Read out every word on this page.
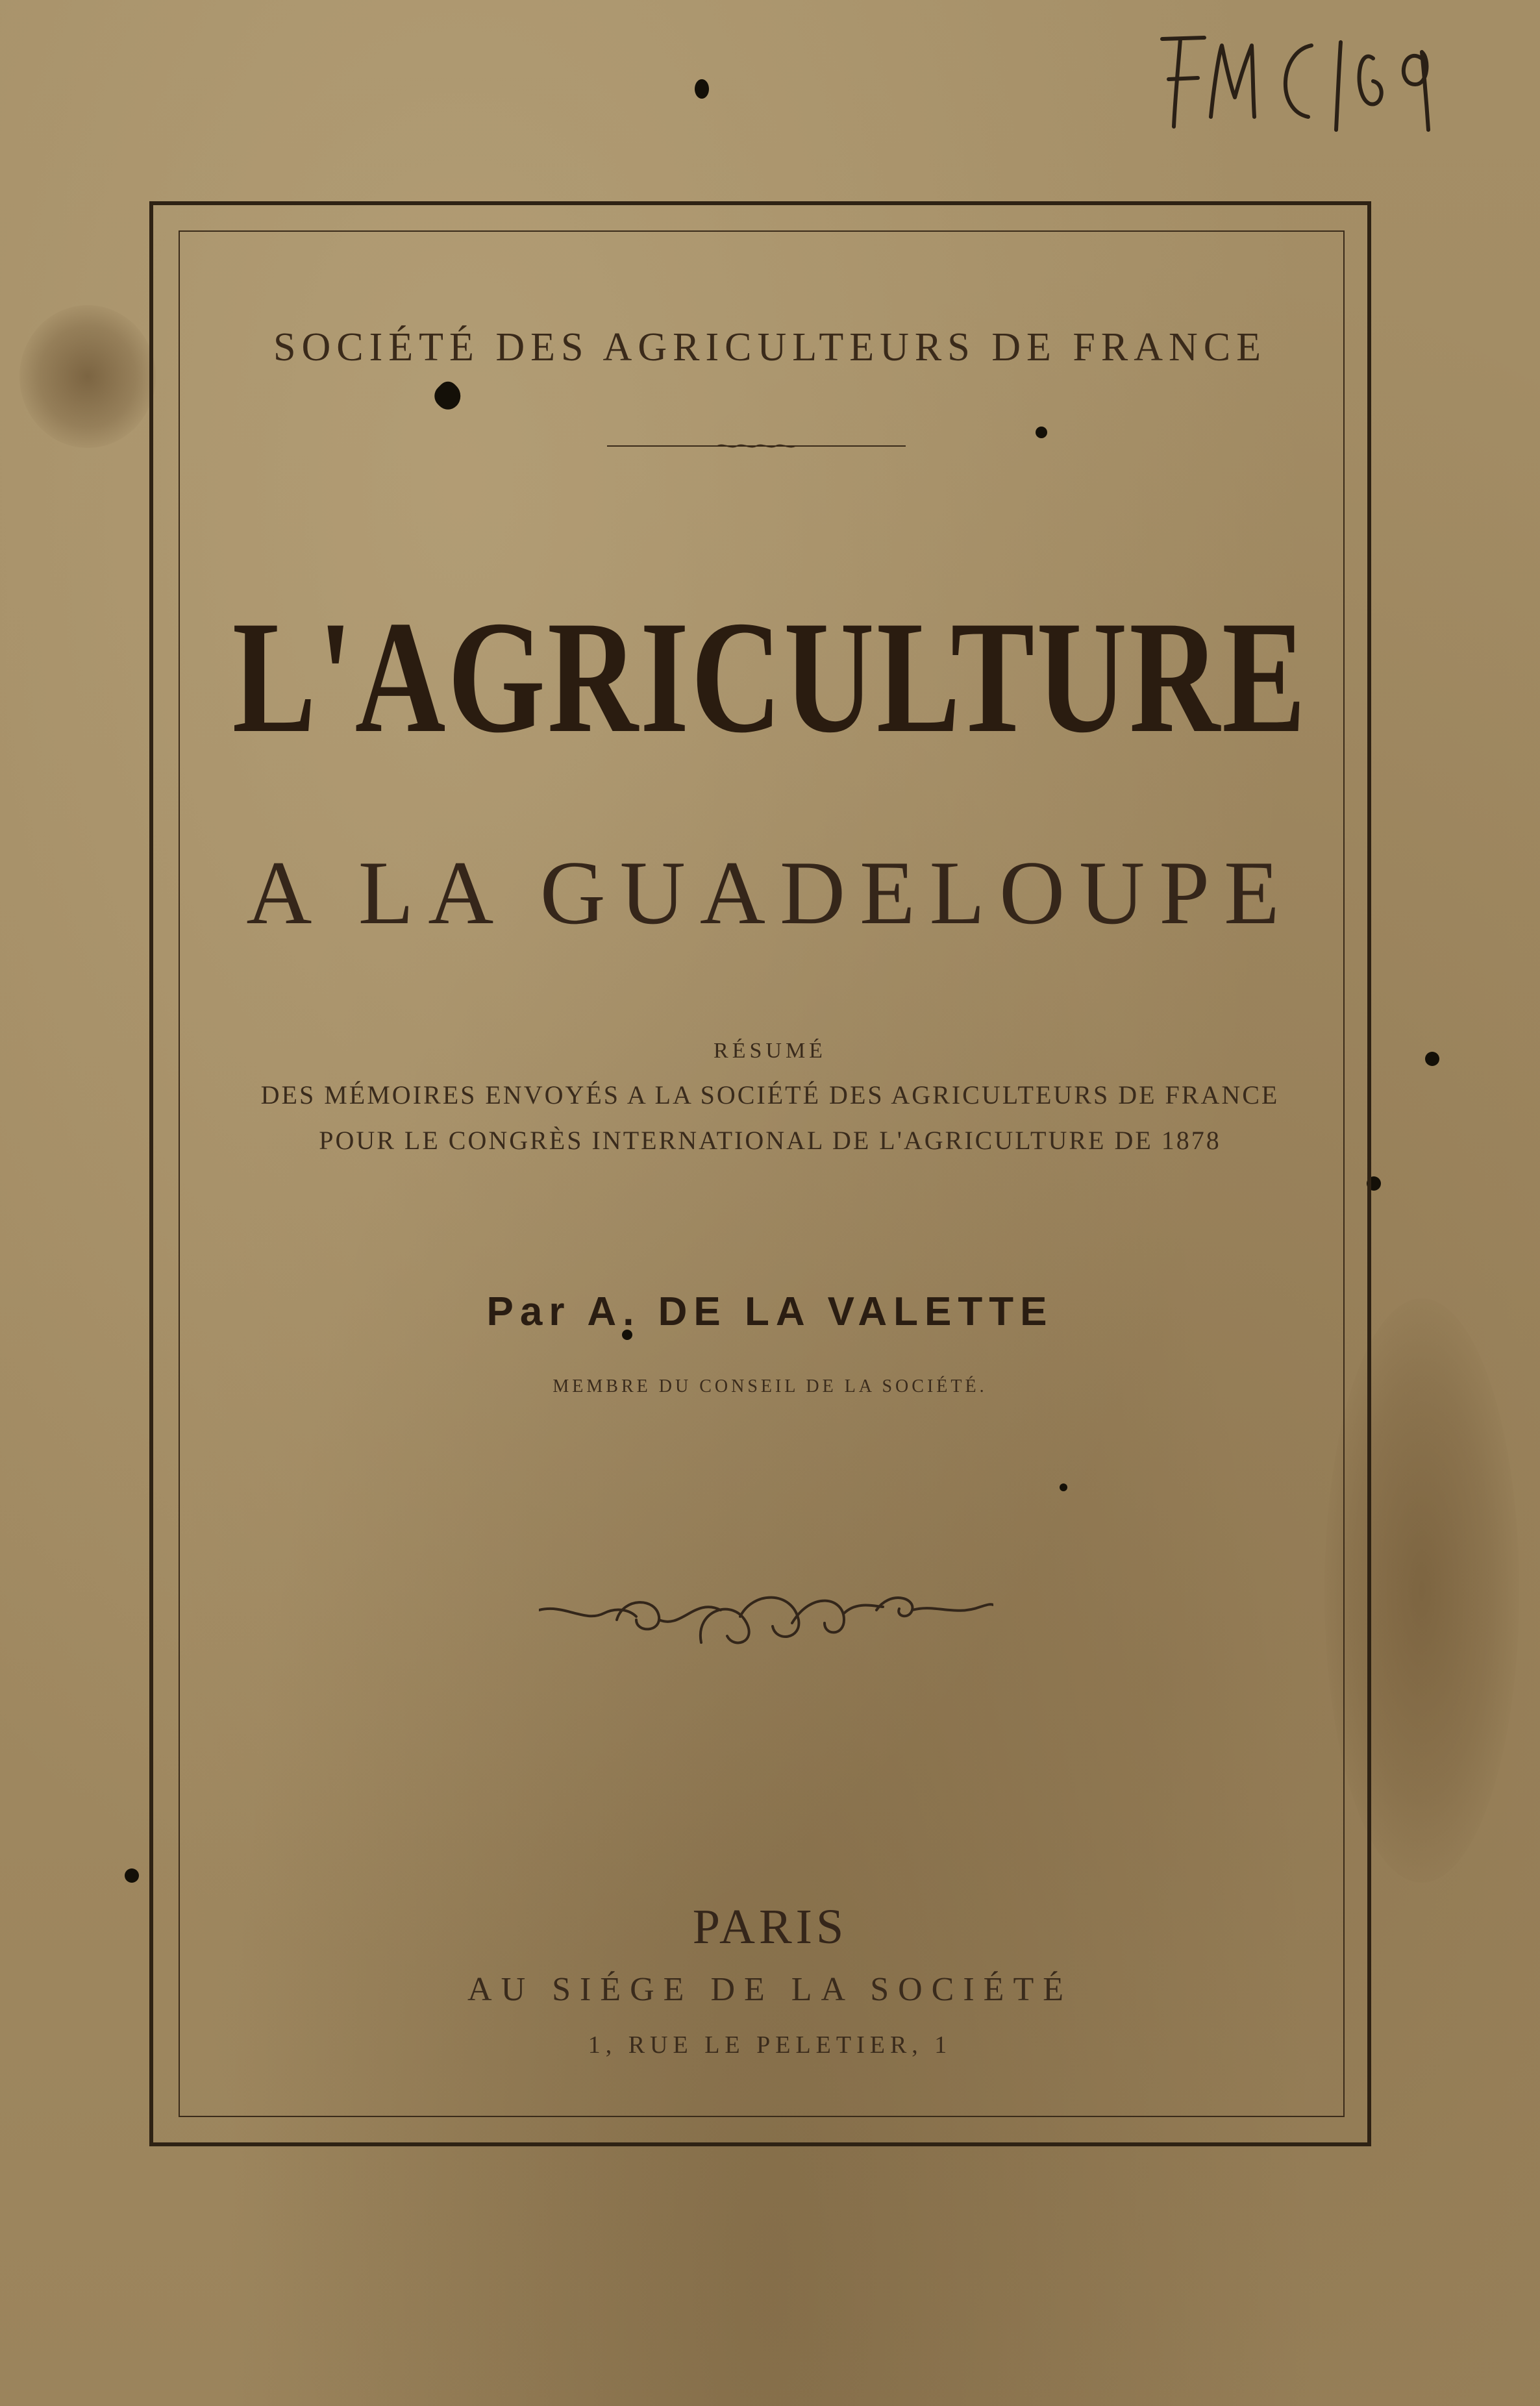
SOCIÉTÉ DES AGRICULTEURS DE FRANCE
L'AGRICULTURE
A LA GUADELOUPE
RÉSUMÉ
DES MÉMOIRES ENVOYÉS A LA SOCIÉTÉ DES AGRICULTEURS DE FRANCE
POUR LE CONGRÈS INTERNATIONAL DE L'AGRICULTURE DE 1878
Par A. DE LA VALETTE
MEMBRE DU CONSEIL DE LA SOCIÉTÉ.
PARIS
AU SIÉGE DE LA SOCIÉTÉ
1, RUE LE PELETIER, 1
